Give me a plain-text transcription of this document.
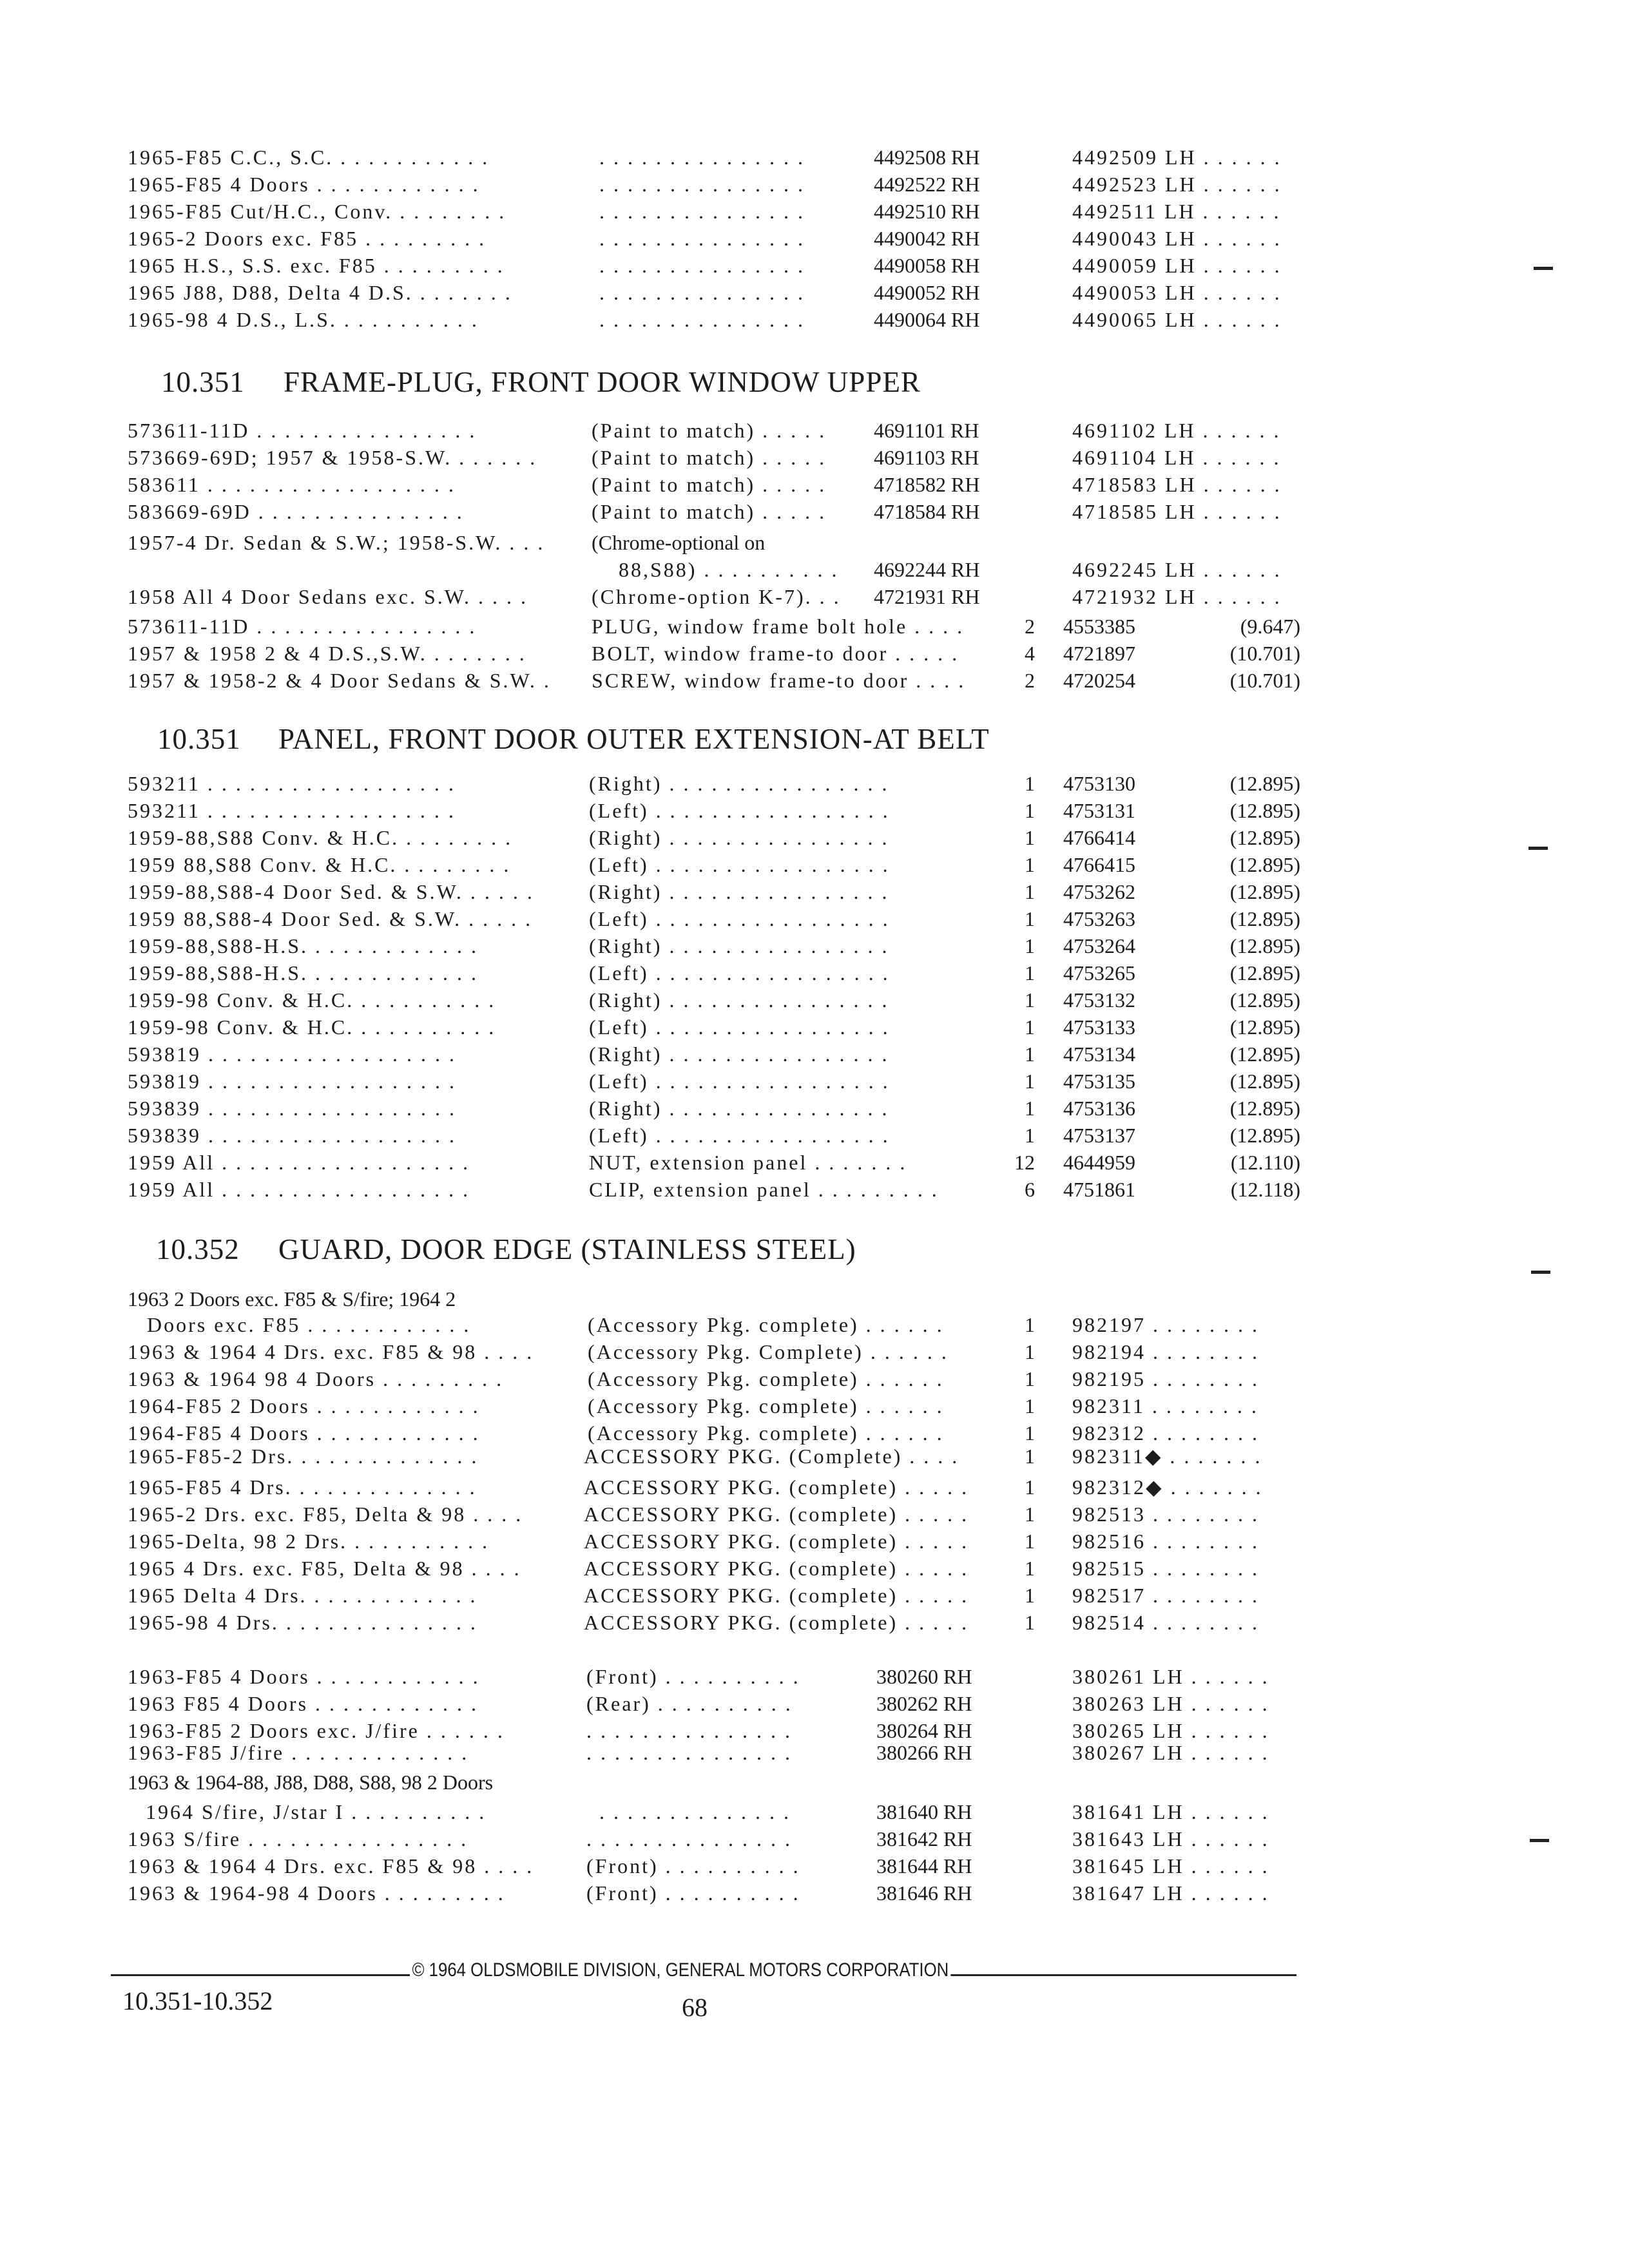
1965-F85 C.C., S.C. . . . . . . . . . . .	. . . . . . . . . . . . . . .	4492508 RH	4492509 LH . . . . . .
1965-F85 4 Doors . . . . . . . . . . . .	. . . . . . . . . . . . . . .	4492522 RH	4492523 LH . . . . . .
1965-F85 Cut/H.C., Conv. . . . . . . . .	. . . . . . . . . . . . . . .	4492510 RH	4492511 LH . . . . . .
1965-2 Doors exc. F85 . . . . . . . . .	. . . . . . . . . . . . . . .	4490042 RH	4490043 LH . . . . . .
1965 H.S., S.S. exc. F85 . . . . . . . . .	. . . . . . . . . . . . . . .	4490058 RH	4490059 LH . . . . . .
1965 J88, D88, Delta 4 D.S. . . . . . . .	. . . . . . . . . . . . . . .	4490052 RH	4490053 LH . . . . . .
1965-98 4 D.S., L.S. . . . . . . . . . .	. . . . . . . . . . . . . . .	4490064 RH	4490065 LH . . . . . .
10.351 FRAME-PLUG, FRONT DOOR WINDOW UPPER
573611-11D . . . . . . . . . . . . . . . .	(Paint to match) . . . . .	4691101 RH	4691102 LH . . . . . .
573669-69D; 1957 & 1958-S.W. . . . . . .	(Paint to match) . . . . .	4691103 RH	4691104 LH . . . . . .
583611 . . . . . . . . . . . . . . . . . .	(Paint to match) . . . . .	4718582 RH	4718583 LH . . . . . .
583669-69D . . . . . . . . . . . . . . .	(Paint to match) . . . . .	4718584 RH	4718585 LH . . . . . .
1957-4 Dr. Sedan & S.W.; 1958-S.W. . . .	(Chrome-optional on
88,S88) . . . . . . . . . .	4692244 RH	4692245 LH . . . . . .
1958 All 4 Door Sedans exc. S.W. . . . .	(Chrome-option K-7). . .	4721931 RH	4721932 LH . . . . . .
573611-11D . . . . . . . . . . . . . . . .	PLUG, window frame bolt hole . . . .	2 4553385	(9.647)
1957 & 1958 2 & 4 D.S.,S.W. . . . . . . .	BOLT, window frame-to door . . . . .	4 4721897	(10.701)
1957 & 1958-2 & 4 Door Sedans & S.W. .	SCREW, window frame-to door . . . .	2 4720254	(10.701)
10.351 PANEL, FRONT DOOR OUTER EXTENSION-AT BELT
593211 . . . . . . . . . . . . . . . . . .	(Right) . . . . . . . . . . . . . . . .	1 4753130	(12.895)
593211 . . . . . . . . . . . . . . . . . .	(Left) . . . . . . . . . . . . . . . . .	1 4753131	(12.895)
1959-88,S88 Conv. & H.C. . . . . . . . .	(Right) . . . . . . . . . . . . . . . .	1 4766414	(12.895)
1959 88,S88 Conv. & H.C. . . . . . . . .	(Left) . . . . . . . . . . . . . . . . .	1 4766415	(12.895)
1959-88,S88-4 Door Sed. & S.W. . . . . .	(Right) . . . . . . . . . . . . . . . .	1 4753262	(12.895)
1959 88,S88-4 Door Sed. & S.W. . . . . .	(Left) . . . . . . . . . . . . . . . . .	1 4753263	(12.895)
1959-88,S88-H.S. . . . . . . . . . . . .	(Right) . . . . . . . . . . . . . . . .	1 4753264	(12.895)
1959-88,S88-H.S. . . . . . . . . . . . .	(Left) . . . . . . . . . . . . . . . . .	1 4753265	(12.895)
1959-98 Conv. & H.C. . . . . . . . . . .	(Right) . . . . . . . . . . . . . . . .	1 4753132	(12.895)
1959-98 Conv. & H.C. . . . . . . . . . .	(Left) . . . . . . . . . . . . . . . . .	1 4753133	(12.895)
593819 . . . . . . . . . . . . . . . . . .	(Right) . . . . . . . . . . . . . . . .	1 4753134	(12.895)
593819 . . . . . . . . . . . . . . . . . .	(Left) . . . . . . . . . . . . . . . . .	1 4753135	(12.895)
593839 . . . . . . . . . . . . . . . . . .	(Right) . . . . . . . . . . . . . . . .	1 4753136	(12.895)
593839 . . . . . . . . . . . . . . . . . .	(Left) . . . . . . . . . . . . . . . . .	1 4753137	(12.895)
1959 All . . . . . . . . . . . . . . . . . .	NUT, extension panel . . . . . . .	12 4644959	(12.110)
1959 All . . . . . . . . . . . . . . . . . .	CLIP, extension panel . . . . . . . . .	6 4751861	(12.118)
10.352 GUARD, DOOR EDGE (STAINLESS STEEL)
1963 2 Doors exc. F85 & S/fire; 1964 2
Doors exc. F85 . . . . . . . . . . . .	(Accessory Pkg. complete) . . . . . .	1 982197 . . . . . . . .
1963 & 1964 4 Drs. exc. F85 & 98 . . . .	(Accessory Pkg. Complete) . . . . . .	1 982194 . . . . . . . .
1963 & 1964 98 4 Doors . . . . . . . . .	(Accessory Pkg. complete) . . . . . .	1 982195 . . . . . . . .
1964-F85 2 Doors . . . . . . . . . . . .	(Accessory Pkg. complete) . . . . . .	1 982311 . . . . . . . .
1964-F85 4 Doors . . . . . . . . . . . .	(Accessory Pkg. complete) . . . . . .	1 982312 . . . . . . . .
1965-F85-2 Drs. . . . . . . . . . . . . .	ACCESSORY PKG. (Complete) . . . .	1 982311◆ . . . . . . .
1965-F85 4 Drs. . . . . . . . . . . . . .	ACCESSORY PKG. (complete) . . . . .	1 982312◆ . . . . . . .
1965-2 Drs. exc. F85, Delta & 98 . . . .	ACCESSORY PKG. (complete) . . . . .	1 982513 . . . . . . . .
1965-Delta, 98 2 Drs. . . . . . . . . . .	ACCESSORY PKG. (complete) . . . . .	1 982516 . . . . . . . .
1965 4 Drs. exc. F85, Delta & 98 . . . .	ACCESSORY PKG. (complete) . . . . .	1 982515 . . . . . . . .
1965 Delta 4 Drs. . . . . . . . . . . . .	ACCESSORY PKG. (complete) . . . . .	1 982517 . . . . . . . .
1965-98 4 Drs. . . . . . . . . . . . . . .	ACCESSORY PKG. (complete) . . . . .	1 982514 . . . . . . . .
1963-F85 4 Doors . . . . . . . . . . . .	(Front) . . . . . . . . . .	380260 RH	380261 LH . . . . . .
1963 F85 4 Doors . . . . . . . . . . . .	(Rear) . . . . . . . . . .	380262 RH	380263 LH . . . . . .
1963-F85 2 Doors exc. J/fire . . . . . .	. . . . . . . . . . . . . . .	380264 RH	380265 LH . . . . . .
1963-F85 J/fire . . . . . . . . . . . . .	. . . . . . . . . . . . . . .	380266 RH	380267 LH . . . . . .
1963 & 1964-88, J88, D88, S88, 98 2 Doors
1964 S/fire, J/star I . . . . . . . . . .	. . . . . . . . . . . . . .	381640 RH	381641 LH . . . . . .
1963 S/fire . . . . . . . . . . . . . . . .	. . . . . . . . . . . . . . .	381642 RH	381643 LH . . . . . .
1963 & 1964 4 Drs. exc. F85 & 98 . . . .	(Front) . . . . . . . . . .	381644 RH	381645 LH . . . . . .
1963 & 1964-98 4 Doors . . . . . . . . .	(Front) . . . . . . . . . .	381646 RH	381647 LH . . . . . .
© 1964 OLDSMOBILE DIVISION, GENERAL MOTORS CORPORATION
10.351-10.352	68
